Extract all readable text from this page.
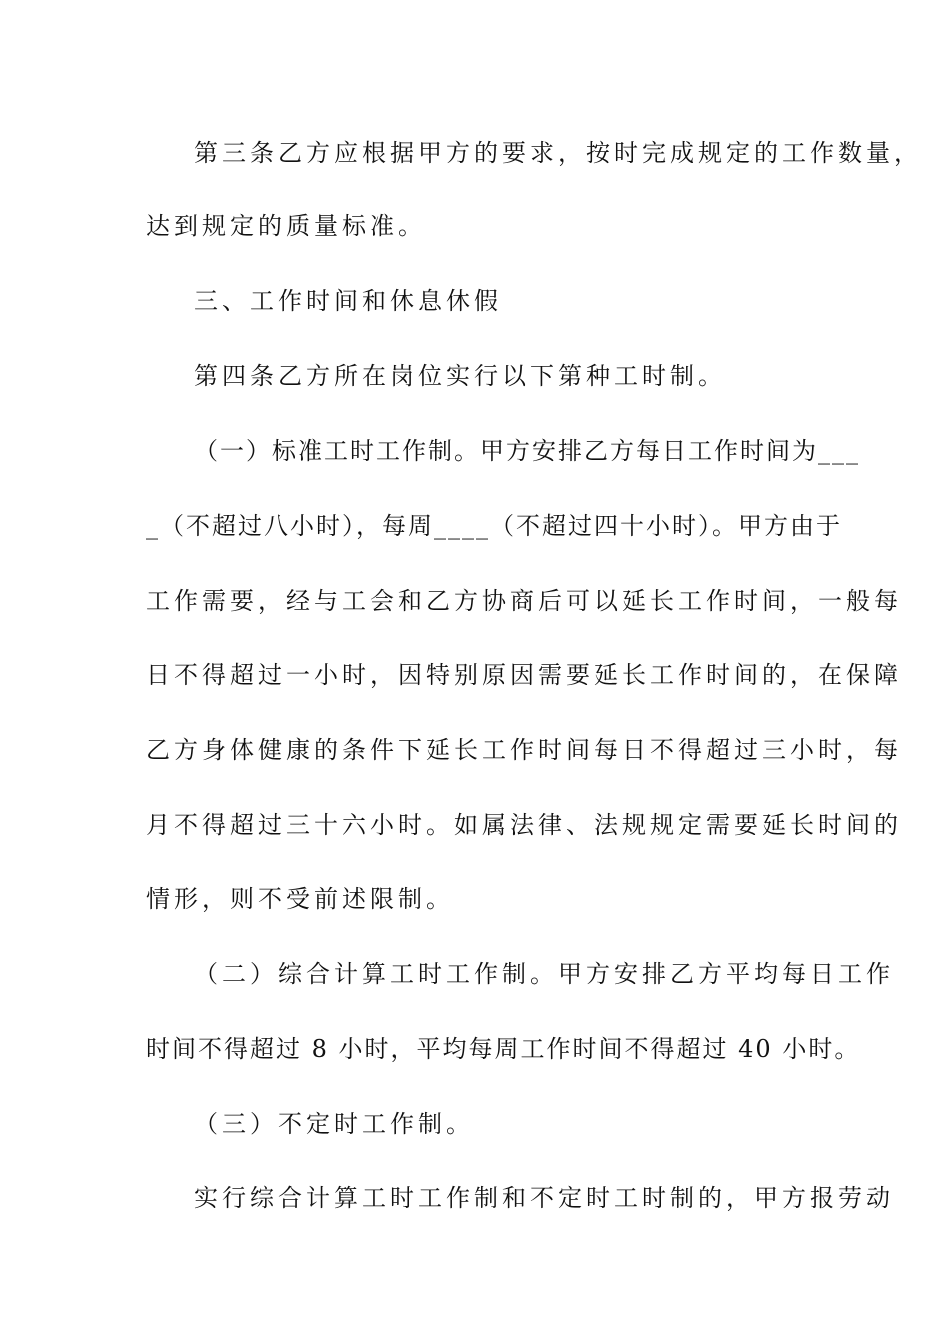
第三条乙方应根据甲方的要求，按时完成规定的工作数量，
达到规定的质量标准。
三、工作时间和休息休假
第四条乙方所在岗位实行以下第种工时制。
（一）标准工时工作制。甲方安排乙方每日工作时间为___
_（不超过八小时），每周____（不超过四十小时）。甲方由于
工作需要，经与工会和乙方协商后可以延长工作时间，一般每
日不得超过一小时，因特别原因需要延长工作时间的，在保障
乙方身体健康的条件下延长工作时间每日不得超过三小时，每
月不得超过三十六小时。如属法律、法规规定需要延长时间的
情形，则不受前述限制。
（二）综合计算工时工作制。甲方安排乙方平均每日工作
时间不得超过 8 小时，平均每周工作时间不得超过 40 小时。
（三）不定时工作制。
实行综合计算工时工作制和不定时工时制的，甲方报劳动
